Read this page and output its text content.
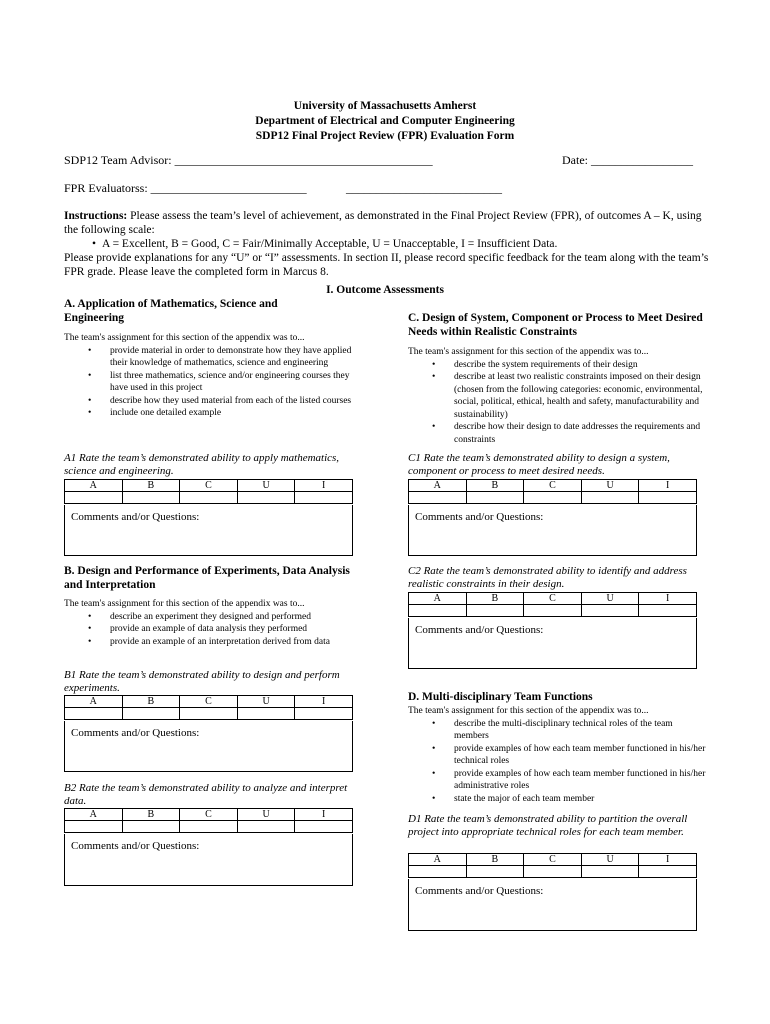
University of Massachusetts Amherst
Department of Electrical and Computer Engineering
SDP12 Final Project Review (FPR) Evaluation Form
SDP12 Team Advisor: ___________________________________________	Date: _________________
FPR Evaluatorss: __________________________	__________________________
Instructions: Please assess the team’s level of achievement, as demonstrated in the Final Project Review (FPR), of outcomes A – K, using the following scale:
• A = Excellent, B = Good, C = Fair/Minimally Acceptable, U = Unacceptable, I = Insufficient Data.
Please provide explanations for any “U” or “I” assessments. In section II, please record specific feedback for the team along with the team’s FPR grade. Please leave the completed form in Marcus 8.
I. Outcome Assessments
A. Application of Mathematics, Science and Engineering
The team's assignment for this section of the appendix was to...
• provide material in order to demonstrate how they have applied their knowledge of mathematics, science and engineering
• list three mathematics, science and/or engineering courses they have used in this project
• describe how they used material from each of the listed courses
• include one detailed example
A1 Rate the team’s demonstrated ability to apply mathematics, science and engineering.
A	B	C	U	I

Comments and/or Questions:
B. Design and Performance of Experiments, Data Analysis and Interpretation
The team's assignment for this section of the appendix was to...
• describe an experiment they designed and performed
• provide an example of data analysis they performed
• provide an example of an interpretation derived from data
B1 Rate the team’s demonstrated ability to design and perform experiments.
A	B	C	U	I

Comments and/or Questions:
B2 Rate the team’s demonstrated ability to analyze and interpret data.
A	B	C	U	I

Comments and/or Questions:
C. Design of System, Component or Process to Meet Desired Needs within Realistic Constraints
The team's assignment for this section of the appendix was to...
• describe the system requirements of their design
• describe at least two realistic constraints imposed on their design (chosen from the following categories: economic, environmental, social, political, ethical, health and safety, manufacturability and sustainability)
• describe how their design to date addresses the requirements and constraints
C1 Rate the team’s demonstrated ability to design a system, component or process to meet desired needs.
A	B	C	U	I

Comments and/or Questions:
C2 Rate the team’s demonstrated ability to identify and address realistic constraints in their design.
A	B	C	U	I

Comments and/or Questions:
D. Multi-disciplinary Team Functions
The team's assignment for this section of the appendix was to...
• describe the multi-disciplinary technical roles of the team members
• provide examples of how each team member functioned in his/her technical roles
• provide examples of how each team member functioned in his/her administrative roles
• state the major of each team member
D1 Rate the team’s demonstrated ability to partition the overall project into appropriate technical roles for each team member.
A	B	C	U	I

Comments and/or Questions:
